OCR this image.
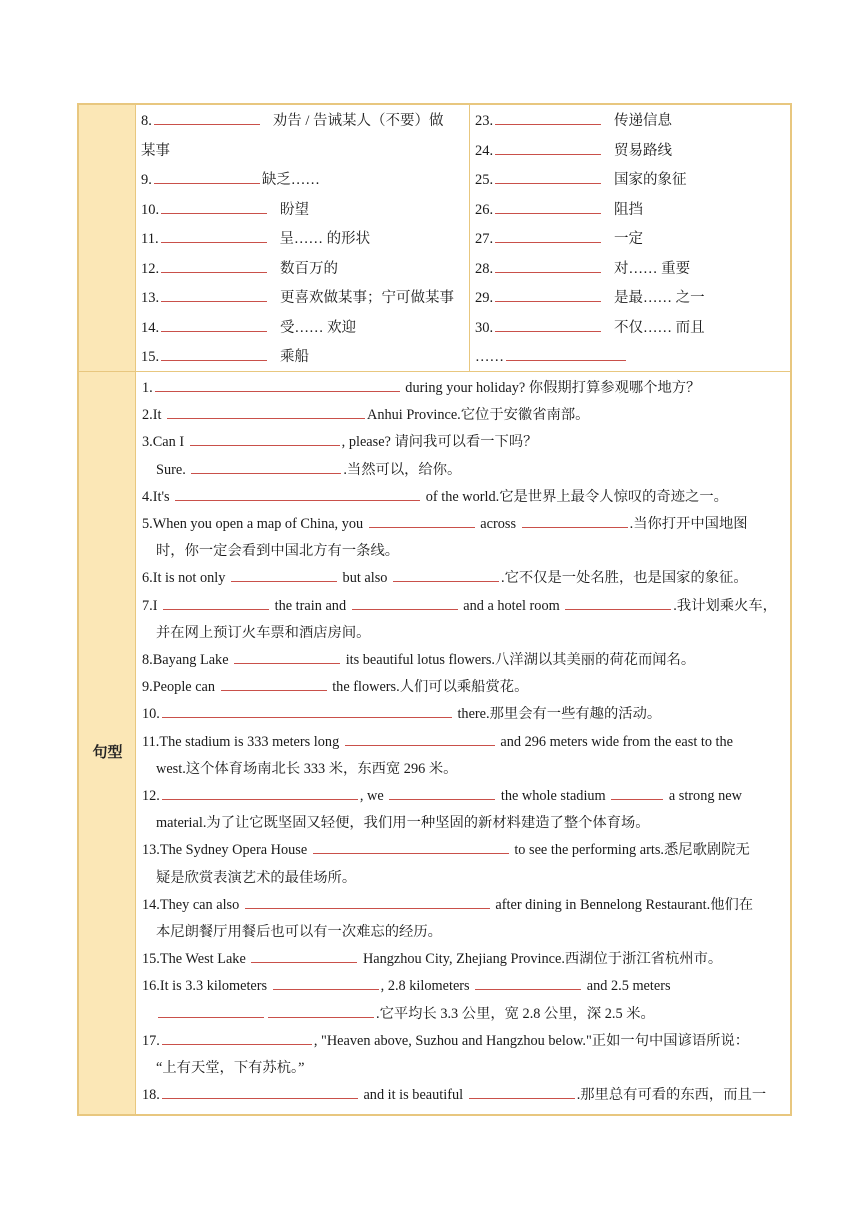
句型
8.	劝告 / 告诫某人（不要）做
某事
9.	缺乏……
10.	盼望
11.	呈…… 的形状
12.	数百万的
13.	更喜欢做某事；宁可做某事
14.	受…… 欢迎
15.	乘船
23.	传递信息
24.	贸易路线
25.	国家的象征
26.	阻挡
27.	一定
28.	对…… 重要
29.	是最…… 之一
30.	不仅…… 而且
……
1.	during your holiday? 你假期打算参观哪个地方？
2.It	Anhui Province.它位于安徽省南部。
3.Can I	, please? 请问我可以看一下吗？
Sure.	.当然可以，给你。
4.It's	of the world.它是世界上最令人惊叹的奇迹之一。
5.When you open a map of China, you	across	.当你打开中国地图
时，你一定会看到中国北方有一条线。
6.It is not only	but also	.它不仅是一处名胜，也是国家的象征。
7.I	the train and	and a hotel room	.我计划乘火车，
并在网上预订火车票和酒店房间。
8.Bayang Lake	its beautiful lotus flowers.八洋湖以其美丽的荷花而闻名。
9.People can	the flowers.人们可以乘船赏花。
10.	there.那里会有一些有趣的活动。
11.The stadium is 333 meters long	and 296 meters wide from the east to the
west.这个体育场南北长 333 米，东西宽 296 米。
12.	, we	the whole stadium	a strong new
material.为了让它既坚固又轻便，我们用一种坚固的新材料建造了整个体育场。
13.The Sydney Opera House	to see the performing arts.悉尼歌剧院无
疑是欣赏表演艺术的最佳场所。
14.They can also	after dining in Bennelong Restaurant.他们在
本尼朗餐厅用餐后也可以有一次难忘的经历。
15.The West Lake	Hangzhou City, Zhejiang Province.西湖位于浙江省杭州市。
16.It is 3.3 kilometers	, 2.8 kilometers	and 2.5 meters
.它平均长 3.3 公里，宽 2.8 公里，深 2.5 米。
17.	, "Heaven above, Suzhou and Hangzhou below."正如一句中国谚语所说：
“上有天堂，下有苏杭。”
18.	and it is beautiful	.那里总有可看的东西，而且一
